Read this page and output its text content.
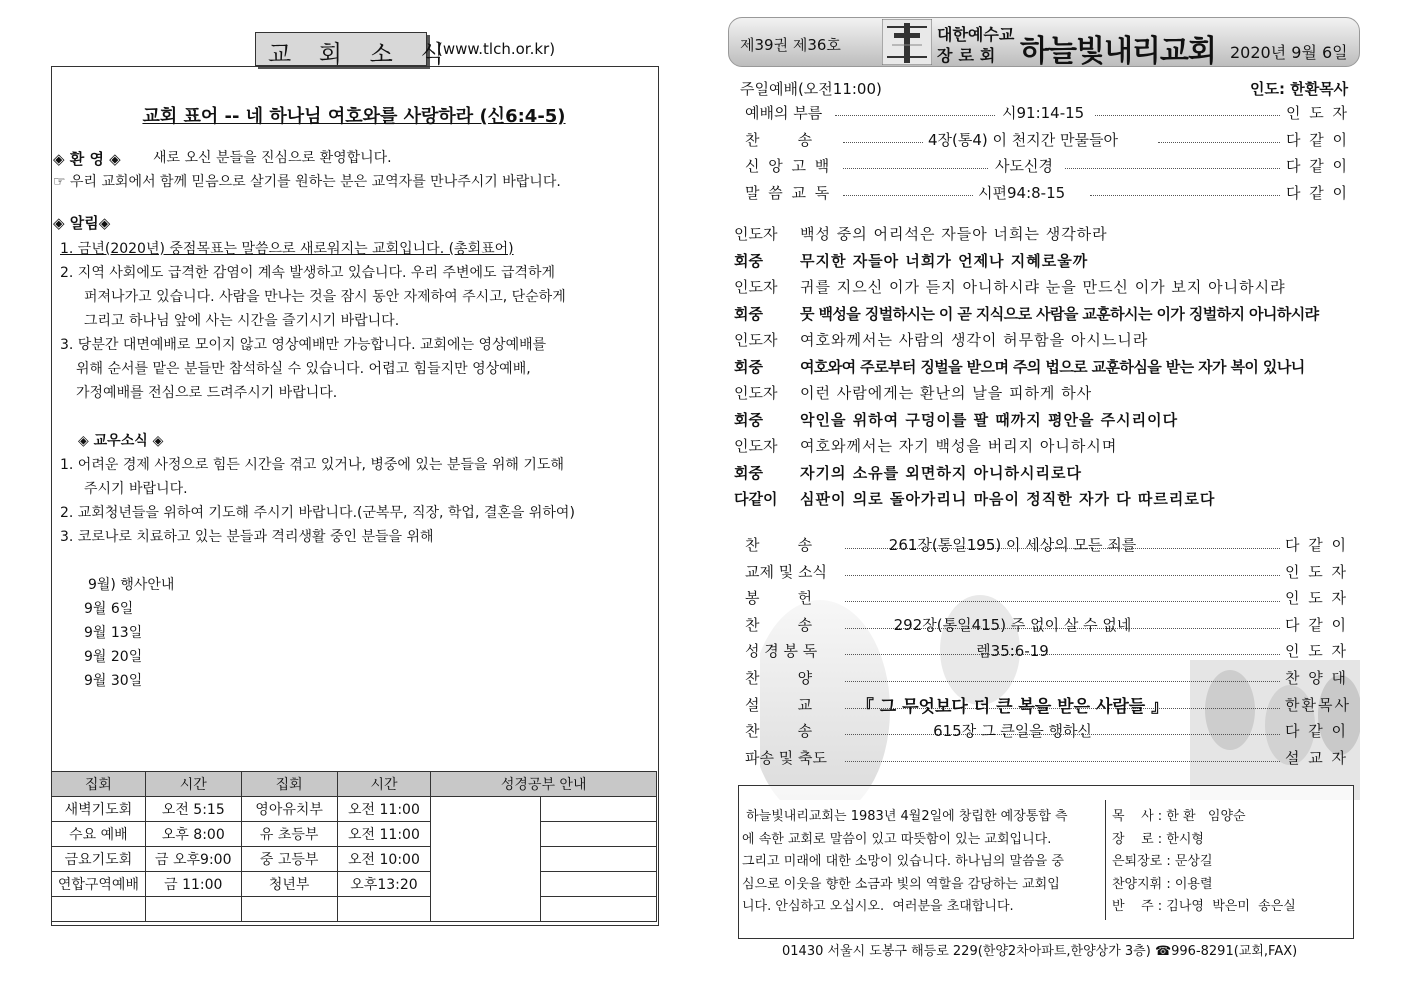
교 회 소 식
(www.tlch.or.kr)
교회 표어 -- 네 하나님 여호와를 사랑하라 (신6:4-5)
◈ 환 영 ◈ 새로 오신 분들을 진심으로 환영합니다.
☞ 우리 교회에서 함께 믿음으로 살기를 원하는 분은 교역자를 만나주시기 바랍니다.
◈ 알림◈
1. 금년(2020년) 중점목표는 말씀으로 새로워지는 교회입니다. (총회표어)
2. 지역 사회에도 급격한 감염이 계속 발생하고 있습니다. 우리 주변에도 급격하게
퍼져나가고 있습니다. 사람을 만나는 것을 잠시 동안 자제하여 주시고, 단순하게
그리고 하나님 앞에 사는 시간을 즐기시기 바랍니다.
3. 당분간 대면예배로 모이지 않고 영상예배만 가능합니다. 교회에는 영상예배를
위해 순서를 맡은 분들만 참석하실 수 있습니다. 어렵고 힘들지만 영상예배,
가정예배를 전심으로 드려주시기 바랍니다.
◈ 교우소식 ◈
1. 어려운 경제 사정으로 힘든 시간을 겪고 있거나, 병중에 있는 분들을 위해 기도해
주시기 바랍니다.
2. 교회청년들을 위하여 기도해 주시기 바랍니다.(군복무, 직장, 학업, 결혼을 위하여)
3. 코로나로 치료하고 있는 분들과 격리생활 중인 분들을 위해
9월) 행사안내
9월 6일
9월 13일
9월 20일
9월 30일
집회	시간	집회	시간	성경공부 안내	
새벽기도회	오전 5:15	영아유치부	오전 11:00		
수요 예배	오후 8:00	유 초등부	오전 11:00		
금요기도회	금 오후9:00	중 고등부	오전 10:00		
연합구역예배	금 11:00	청년부	오후13:20		

제39권 제36호
대한예수교
장로회 하늘빛내리교회 2020년 9월 6일
주일예배(오전11:00)	인도: 한환목사
예배의 부름	시91:14-15	인 도 자
찬        송	4장(통4) 이 천지간 만물들아	다 같 이
신 앙 고 백	사도신경	다 같 이
말 씀 교 독	시편94:8-15	다 같 이
인도자 백성 중의 어리석은 자들아 너희는 생각하라
회중 무지한 자들아 너희가 언제나 지혜로울까
인도자 귀를 지으신 이가 듣지 아니하시랴 눈을 만드신 이가 보지 아니하시랴
회중 뭇 백성을 징벌하시는 이 곧 지식으로 사람을 교훈하시는 이가 징벌하지 아니하시랴
인도자 여호와께서는 사람의 생각이 허무함을 아시느니라
회중 여호와여 주로부터 징벌을 받으며 주의 법으로 교훈하심을 받는 자가 복이 있나니
인도자 이런 사람에게는 환난의 날을 피하게 하사
회중 악인을 위하여 구덩이를 팔 때까지 평안을 주시리이다
인도자 여호와께서는 자기 백성을 버리지 아니하시며
회중 자기의 소유를 외면하지 아니하시리로다
다같이 심판이 의로 돌아가리니 마음이 정직한 자가 다 따르리로다
찬        송	261장(통일195) 이 세상의 모든 죄를	다 같 이
교제 및 소식	인 도 자
봉        헌	인 도 자
찬        송	292장(통일415) 주 없이 살 수 없네	다 같 이
성 경 봉 독	렘35:6-19	인 도 자
찬        양	찬 양 대
설        교	『 그 무엇보다 더 큰 복을 받은 사람들 』	한환목사
찬        송	615장 그 큰일을 행하신	다 같 이
파송 및 축도	설 교 자
하늘빛내리교회는 1983년 4월2일에 창립한 예장통합 측
에 속한 교회로 말씀이 있고 따뜻함이 있는 교회입니다.
그리고 미래에 대한 소망이 있습니다. 하나님의 말씀을 중
심으로 이웃을 향한 소금과 빛의 역할을 감당하는 교회입
니다. 안심하고 오십시오.  여러분을 초대합니다.
목    사 : 한 환   임양순
장    로 : 한시형
은퇴장로 : 문상길
찬양지휘 : 이용렬
반    주 : 김나영  박은미  송은실
01430 서울시 도봉구 해등로 229(한양2차아파트,한양상가 3층) ☎996-8291(교회,FAX)
